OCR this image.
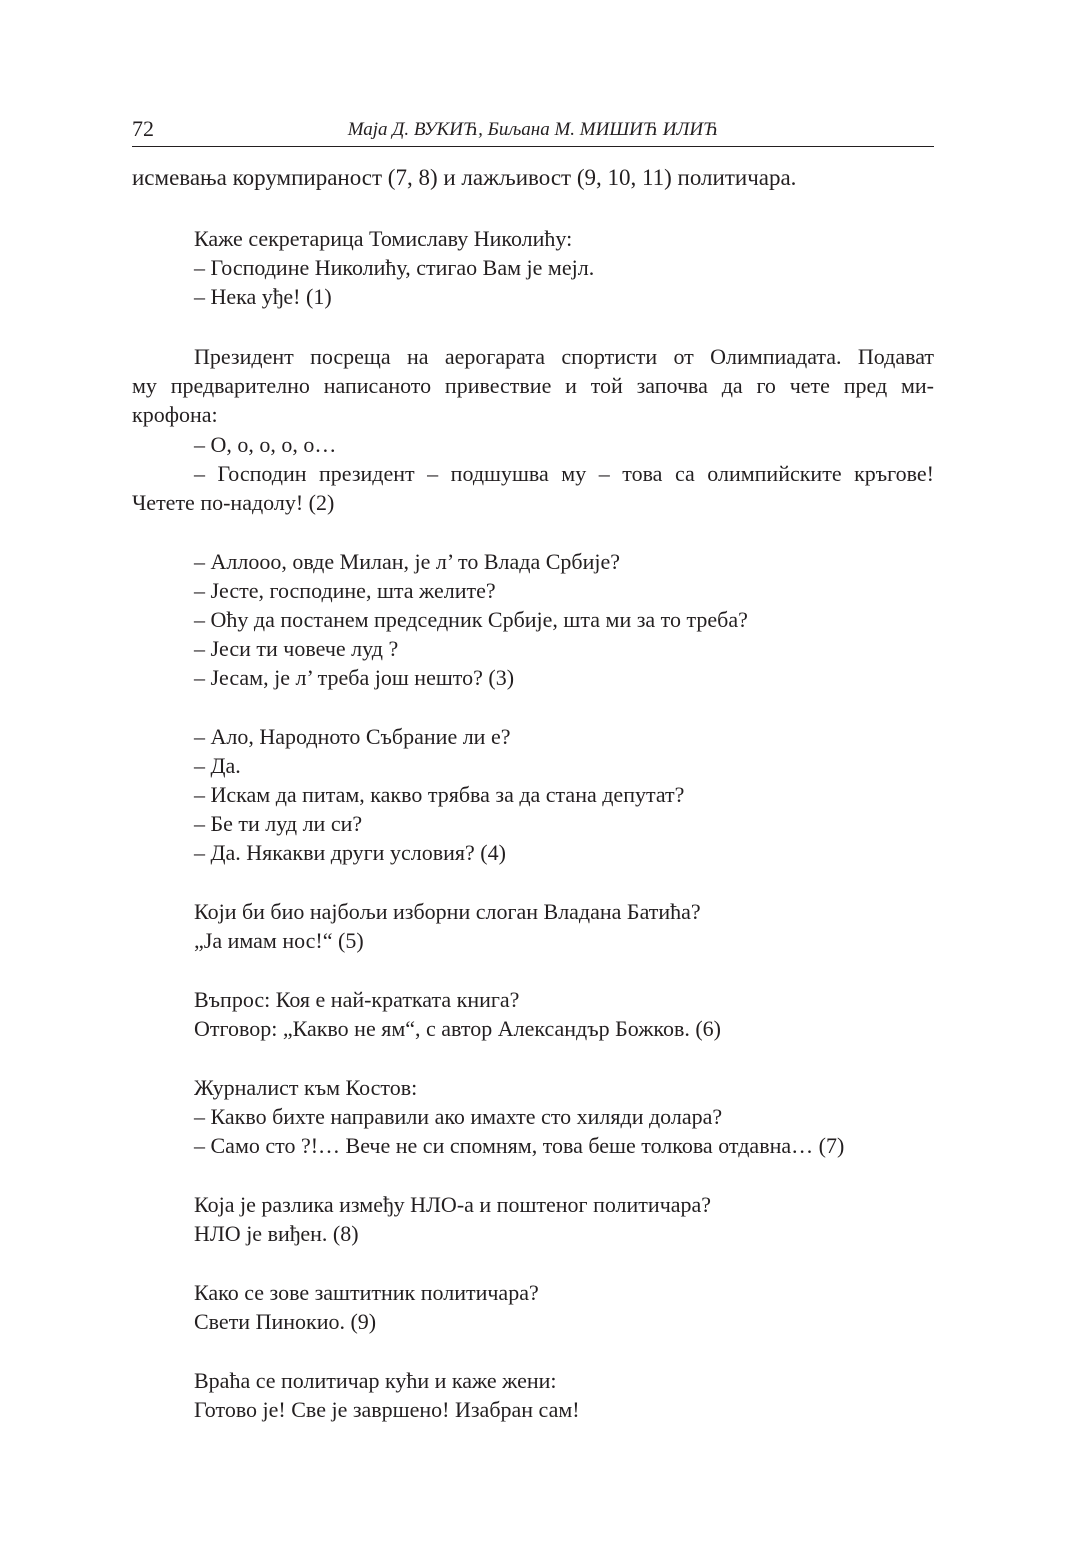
72	Маја Д. ВУКИЋ, Биљана М. МИШИЋ ИЛИЋ
исмевања корумпираност (7, 8) и лажљивост (9, 10, 11) политичара.
Каже секретарица Томиславу Николићу:
– Господине Николићу, стигао Вам је мејл.
– Нека уђе! (1)
Президент посреща на аерогарата спортисти от Олимпиадата. Подават
му предварително написаното привествие и той започва да го чете пред ми-
крофона:
– О, о, о, о, о…
– Господин президент – подшушва му – това са олимпийските кръгове!
Четете по-надолу! (2)
– Аллооо, овде Милан, је л’ то Влада Србије?
– Јесте, господине, шта желите?
– Оћу да постанем председник Србије, шта ми за то треба?
– Јеси ти човече луд ?
– Јесам, је л’ треба још нешто? (3)
– Ало, Народното Събрание ли е?
– Да.
– Искам да питам, какво трябва за да стана депутат?
– Бе ти луд ли си?
– Да. Някакви други условия? (4)
Који би био најбољи изборни слоган Владана Батића?
„Ја имам нос!“ (5)
Въпрос: Коя е най-кратката книга?
Отговор: „Какво не ям“, с автор Александър Божков. (6)
Журналист към Костов:
– Какво бихте направили ако имахте сто хиляди долара?
– Само сто ?!… Вече не си спомням, това беше толкова отдавна… (7)
Која је разлика између НЛО-а и поштеног политичара?
НЛО је виђен. (8)
Како се зове заштитник политичара?
Свети Пинокио. (9)
Враћа се политичар кући и каже жени:
Готово је! Све је завршено! Изабран сам!
